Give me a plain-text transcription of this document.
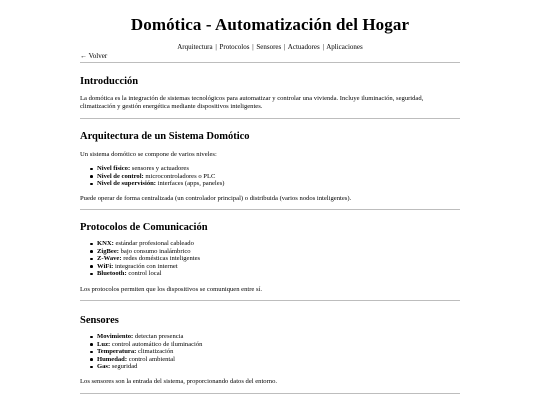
Domótica - Automatización del Hogar
Arquitectura | Protocolos | Sensores | Actuadores | Aplicaciones
← Volver
Introducción

La domótica es la integración de sistemas tecnológicos para automatizar y controlar una vivienda. Incluye iluminación, seguridad, climatización y gestión energética mediante dispositivos inteligentes.

Arquitectura de un Sistema Domótico

Un sistema domótico se compone de varios niveles:

Nivel físico: sensores y actuadores
Nivel de control: microcontroladores o PLC
Nivel de supervisión: interfaces (apps, paneles)

Puede operar de forma centralizada (un controlador principal) o distribuida (varios nodos inteligentes).

Protocolos de Comunicación
KNX: estándar profesional cableado
ZigBee: bajo consumo inalámbrico
Z-Wave: redes domésticas inteligentes
WiFi: integración con internet
Bluetooth: control local

Los protocolos permiten que los dispositivos se comuniquen entre sí.

Sensores
Movimiento: detectan presencia
Luz: control automático de iluminación
Temperatura: climatización
Humedad: control ambiental
Gas: seguridad

Los sensores son la entrada del sistema, proporcionando datos del entorno.
